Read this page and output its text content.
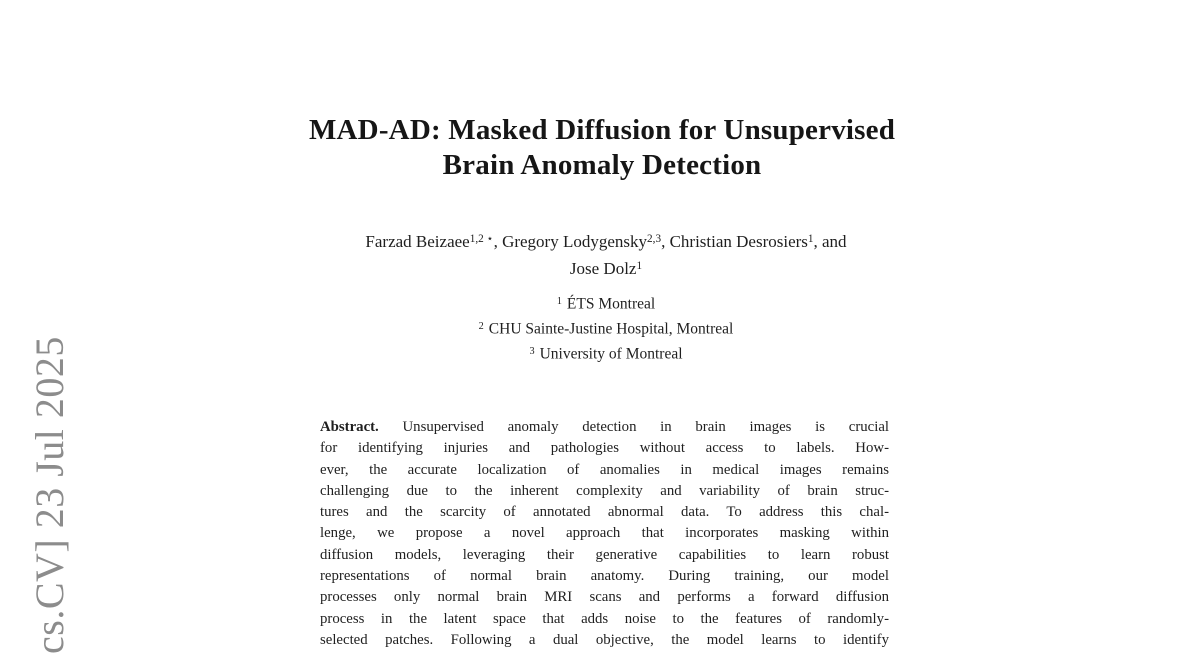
cs.CV] 23 Jul 2025
MAD-AD: Masked Diffusion for Unsupervised
Brain Anomaly Detection
Farzad Beizaee$^{1,2 ⋆}$, Gregory Lodygensky$^{2,3}$, Christian Desrosiers$^1$, and
Jose Dolz$^1$
$^1$ ÉTS Montreal
$^2$ CHU Sainte-Justine Hospital, Montreal
$^3$ University of Montreal
Abstract. Unsupervised anomaly detection in brain images is crucial
for identifying injuries and pathologies without access to labels. How-
ever, the accurate localization of anomalies in medical images remains
challenging due to the inherent complexity and variability of brain struc-
tures and the scarcity of annotated abnormal data. To address this chal-
lenge, we propose a novel approach that incorporates masking within
diffusion models, leveraging their generative capabilities to learn robust
representations of normal brain anatomy. During training, our model
processes only normal brain MRI scans and performs a forward diffusion
process in the latent space that adds noise to the features of randomly-
selected patches. Following a dual objective, the model learns to identify
